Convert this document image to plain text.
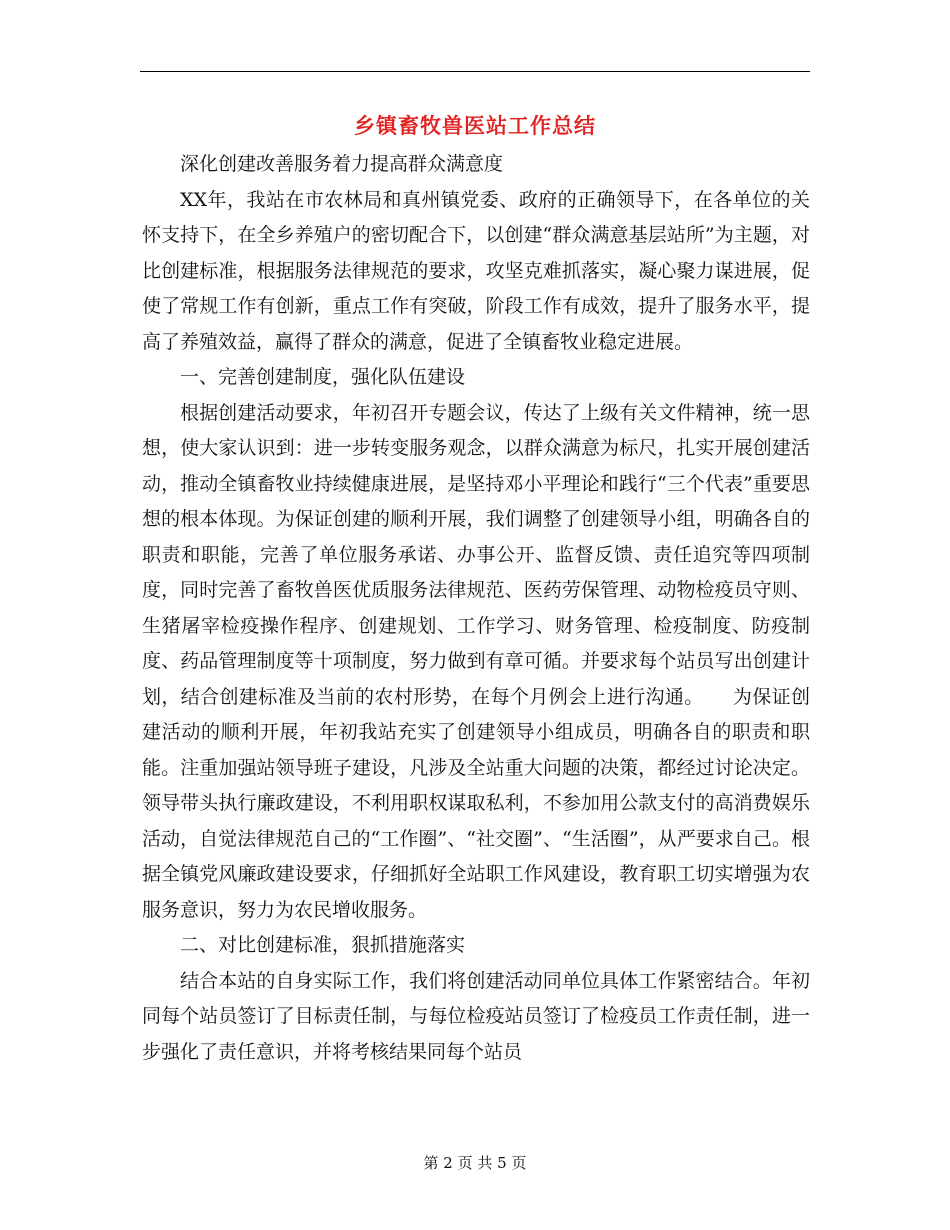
乡镇畜牧兽医站工作总结

深化创建改善服务着力提高群众满意度

XX年，我站在市农林局和真州镇党委、政府的正确领导下，在各单位的关怀支持下，在全乡养殖户的密切配合下，以创建“群众满意基层站所”为主题，对比创建标准，根据服务法律规范的要求，攻坚克难抓落实，凝心聚力谋进展，促使了常规工作有创新，重点工作有突破，阶段工作有成效，提升了服务水平，提高了养殖效益，赢得了群众的满意，促进了全镇畜牧业稳定进展。

一、完善创建制度，强化队伍建设

根据创建活动要求，年初召开专题会议，传达了上级有关文件精神，统一思想，使大家认识到：进一步转变服务观念，以群众满意为标尺，扎实开展创建活动，推动全镇畜牧业持续健康进展，是坚持邓小平理论和践行“三个代表”重要思想的根本体现。为保证创建的顺利开展，我们调整了创建领导小组，明确各自的职责和职能，完善了单位服务承诺、办事公开、监督反馈、责任追究等四项制度，同时完善了畜牧兽医优质服务法律规范、医药劳保管理、动物检疫员守则、生猪屠宰检疫操作程序、创建规划、工作学习、财务管理、检疫制度、防疫制度、药品管理制度等十项制度，努力做到有章可循。并要求每个站员写出创建计划，结合创建标准及当前的农村形势，在每个月例会上进行沟通。　　为保证创建活动的顺利开展，年初我站充实了创建领导小组成员，明确各自的职责和职能。注重加强站领导班子建设，凡涉及全站重大问题的决策，都经过讨论决定。领导带头执行廉政建设，不利用职权谋取私利，不参加用公款支付的高消费娱乐活动，自觉法律规范自己的“工作圈”、“社交圈”、“生活圈”，从严要求自己。根据全镇党风廉政建设要求，仔细抓好全站职工作风建设，教育职工切实增强为农服务意识，努力为农民增收服务。

二、对比创建标准，狠抓措施落实

结合本站的自身实际工作，我们将创建活动同单位具体工作紧密结合。年初同每个站员签订了目标责任制，与每位检疫站员签订了检疫员工作责任制，进一步强化了责任意识，并将考核结果同每个站员

第 2 页 共 5 页
